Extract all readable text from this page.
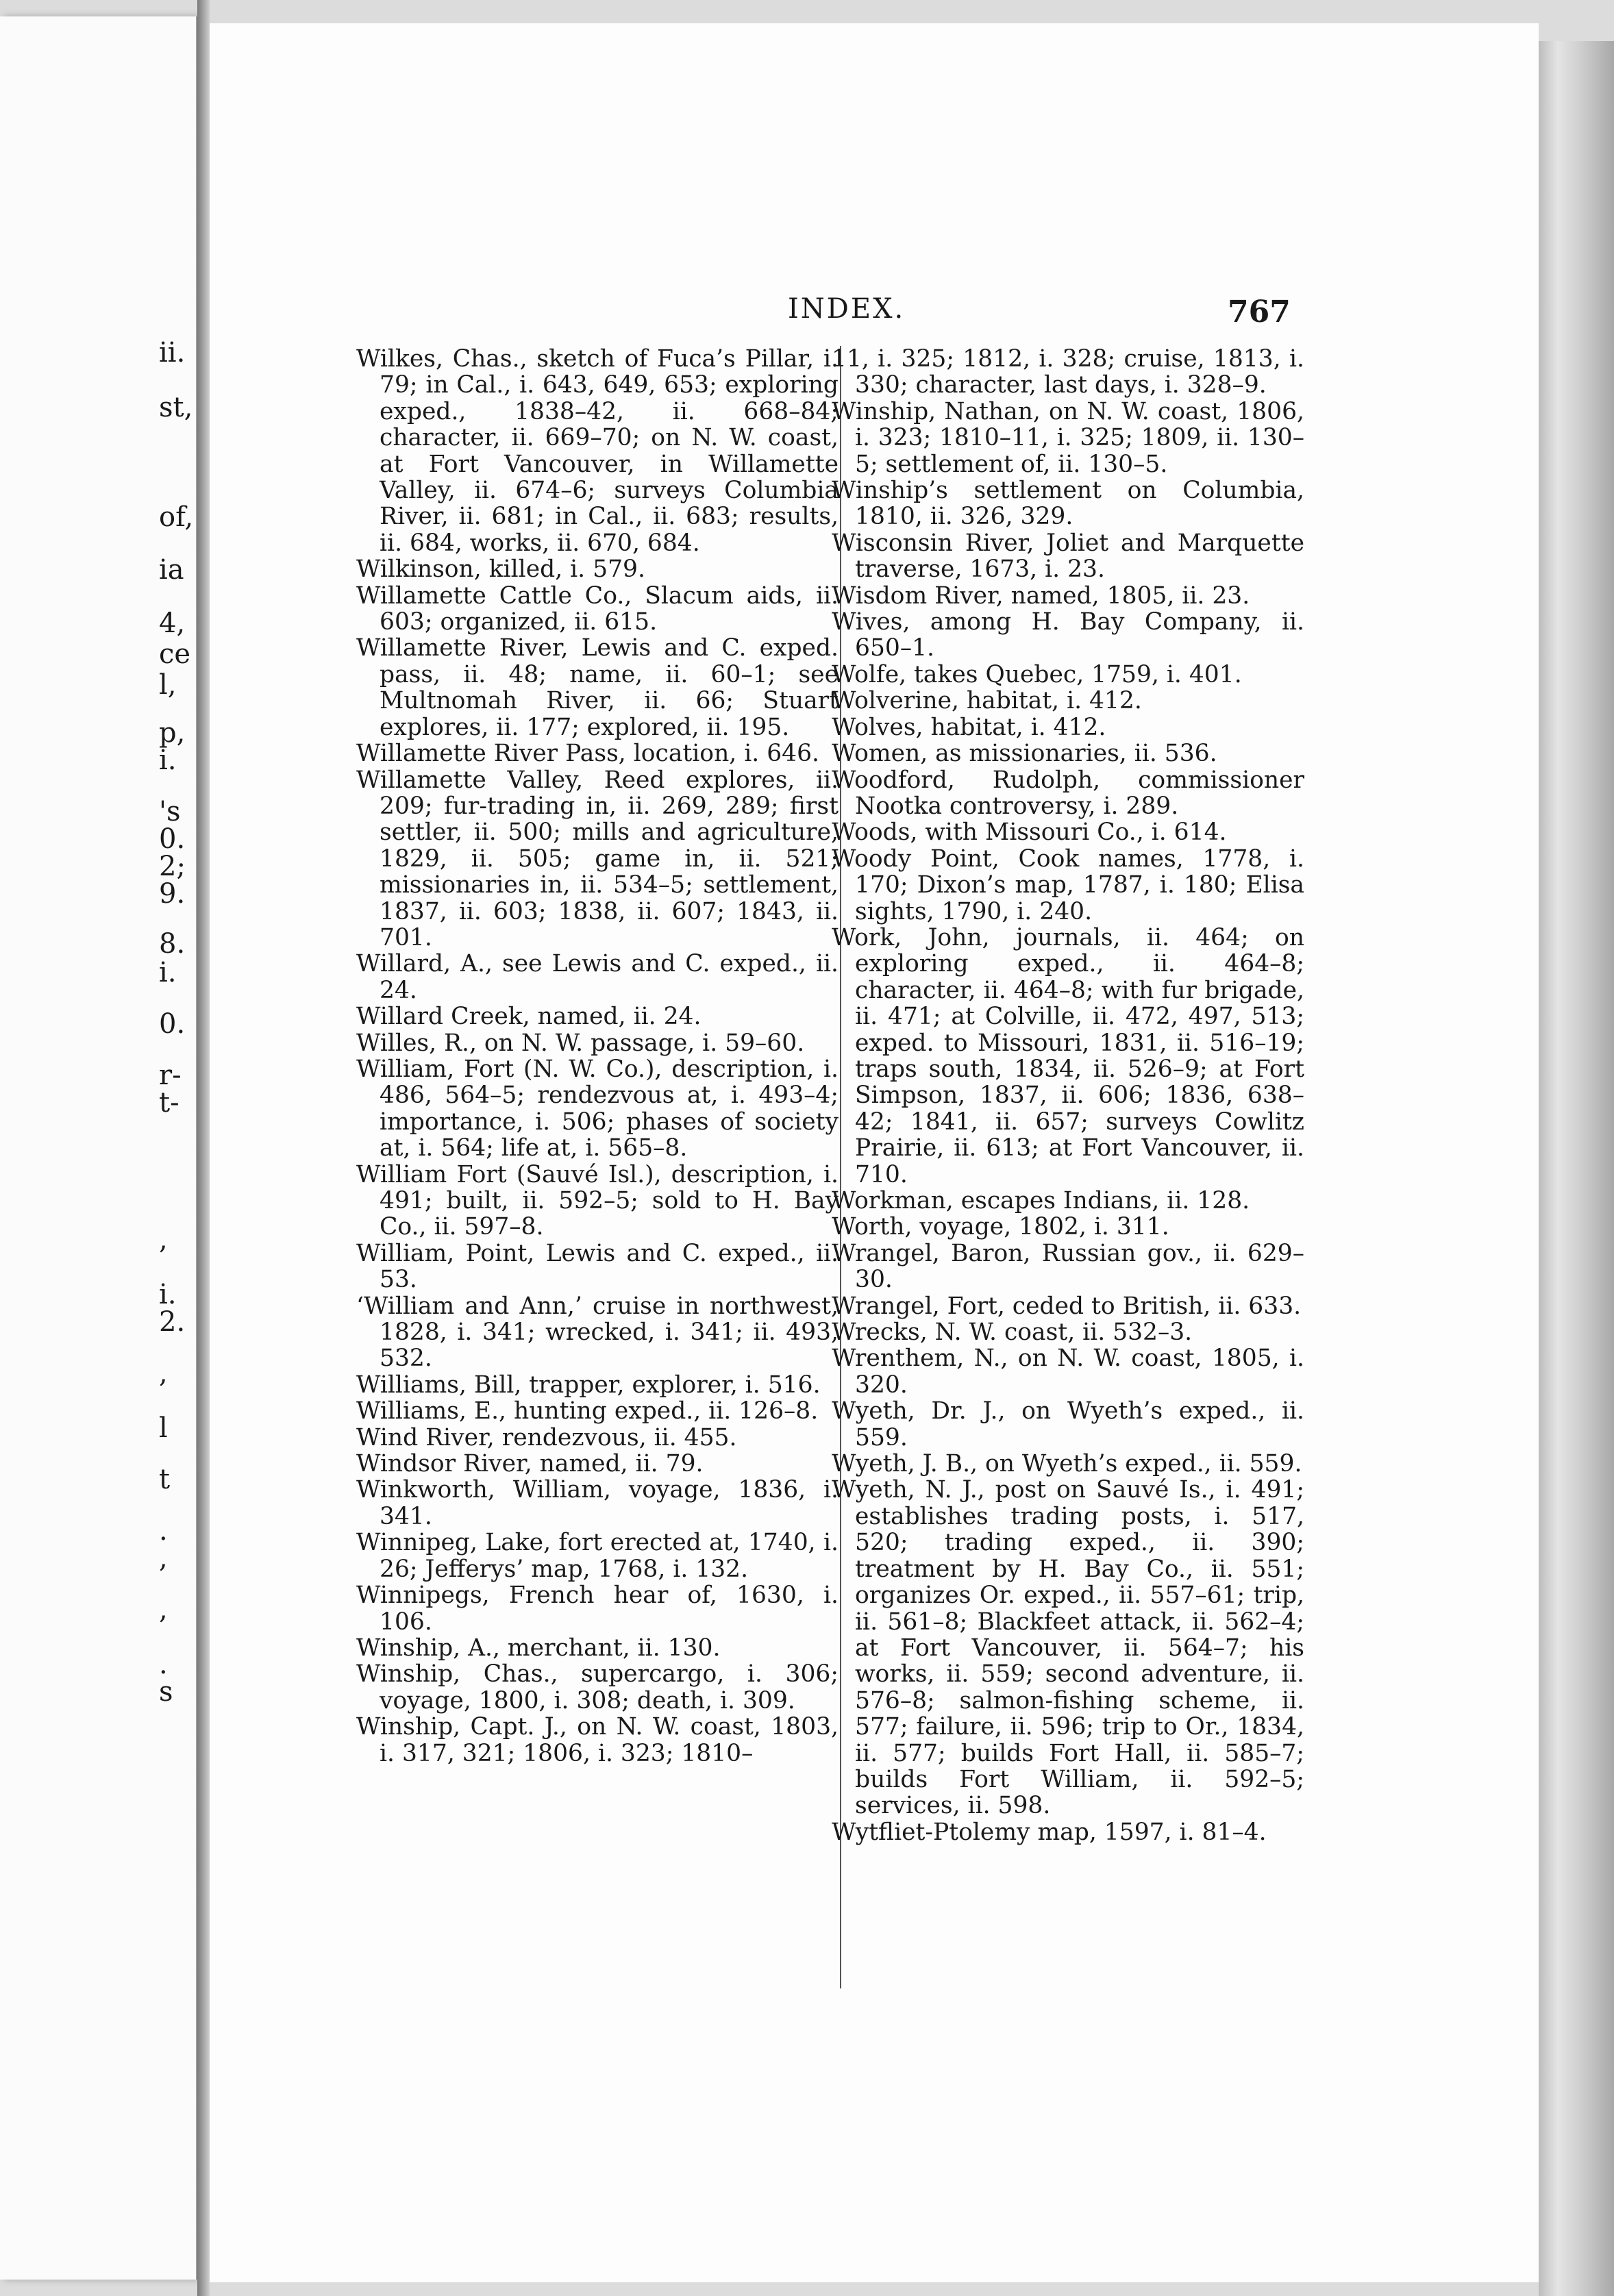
ii.
st,
of,
ia
4,
ce
l,
p,
i.
's
0.
2;
9.
8.
i.
0.
r-
t-
,
i.
2.
,
l
t
.
,
,
.
s
INDEX.	767

Wilkes, Chas., sketch of Fuca’s Pillar, i. 79; in Cal., i. 643, 649, 653; exploring exped., 1838–42, ii. 668–84; character, ii. 669–70; on N. W. coast, at Fort Vancouver, in Willamette Valley, ii. 674–6; surveys Columbia River, ii. 681; in Cal., ii. 683; results, ii. 684, works, ii. 670, 684.

Wilkinson, killed, i. 579.

Willamette Cattle Co., Slacum aids, ii. 603; organized, ii. 615.

Willamette River, Lewis and C. exped. pass, ii. 48; name, ii. 60–1; see Multnomah River, ii. 66; Stuart explores, ii. 177; explored, ii. 195.

Willamette River Pass, location, i. 646.

Willamette Valley, Reed explores, ii. 209; fur-trading in, ii. 269, 289; first settler, ii. 500; mills and agriculture, 1829, ii. 505; game in, ii. 521; missionaries in, ii. 534–5; settlement, 1837, ii. 603; 1838, ii. 607; 1843, ii. 701.

Willard, A., see Lewis and C. exped., ii. 24.

Willard Creek, named, ii. 24.

Willes, R., on N. W. passage, i. 59–60.

William, Fort (N. W. Co.), description, i. 486, 564–5; rendezvous at, i. 493–4; importance, i. 506; phases of society at, i. 564; life at, i. 565–8.

William Fort (Sauvé Isl.), description, i. 491; built, ii. 592–5; sold to H. Bay Co., ii. 597–8.

William, Point, Lewis and C. exped., ii. 53.

‘William and Ann,’ cruise in northwest, 1828, i. 341; wrecked, i. 341; ii. 493, 532.

Williams, Bill, trapper, explorer, i. 516.

Williams, E., hunting exped., ii. 126–8.

Wind River, rendezvous, ii. 455.

Windsor River, named, ii. 79.

Winkworth, William, voyage, 1836, i. 341.

Winnipeg, Lake, fort erected at, 1740, i. 26; Jefferys’ map, 1768, i. 132.

Winnipegs, French hear of, 1630, i. 106.

Winship, A., merchant, ii. 130.

Winship, Chas., supercargo, i. 306; voyage, 1800, i. 308; death, i. 309.

Winship, Capt. J., on N. W. coast, 1803, i. 317, 321; 1806, i. 323; 1810–

11, i. 325; 1812, i. 328; cruise, 1813, i. 330; character, last days, i. 328–9.

Winship, Nathan, on N. W. coast, 1806, i. 323; 1810–11, i. 325; 1809, ii. 130–5; settlement of, ii. 130–5.

Winship’s settlement on Columbia, 1810, ii. 326, 329.

Wisconsin River, Joliet and Marquette traverse, 1673, i. 23.

Wisdom River, named, 1805, ii. 23.

Wives, among H. Bay Company, ii. 650–1.

Wolfe, takes Quebec, 1759, i. 401.

Wolverine, habitat, i. 412.

Wolves, habitat, i. 412.

Women, as missionaries, ii. 536.

Woodford, Rudolph, commissioner Nootka controversy, i. 289.

Woods, with Missouri Co., i. 614.

Woody Point, Cook names, 1778, i. 170; Dixon’s map, 1787, i. 180; Elisa sights, 1790, i. 240.

Work, John, journals, ii. 464; on exploring exped., ii. 464–8; character, ii. 464–8; with fur brigade, ii. 471; at Colville, ii. 472, 497, 513; exped. to Missouri, 1831, ii. 516–19; traps south, 1834, ii. 526–9; at Fort Simpson, 1837, ii. 606; 1836, 638–42; 1841, ii. 657; surveys Cowlitz Prairie, ii. 613; at Fort Vancouver, ii. 710.

Workman, escapes Indians, ii. 128.

Worth, voyage, 1802, i. 311.

Wrangel, Baron, Russian gov., ii. 629–30.

Wrangel, Fort, ceded to British, ii. 633.

Wrecks, N. W. coast, ii. 532–3.

Wrenthem, N., on N. W. coast, 1805, i. 320.

Wyeth, Dr. J., on Wyeth’s exped., ii. 559.

Wyeth, J. B., on Wyeth’s exped., ii. 559.

Wyeth, N. J., post on Sauvé Is., i. 491; establishes trading posts, i. 517, 520; trading exped., ii. 390; treatment by H. Bay Co., ii. 551; organizes Or. exped., ii. 557–61; trip, ii. 561–8; Blackfeet attack, ii. 562–4; at Fort Vancouver, ii. 564–7; his works, ii. 559; second adventure, ii. 576–8; salmon-fishing scheme, ii. 577; failure, ii. 596; trip to Or., 1834, ii. 577; builds Fort Hall, ii. 585–7; builds Fort William, ii. 592–5; services, ii. 598.

Wytfliet-Ptolemy map, 1597, i. 81–4.
